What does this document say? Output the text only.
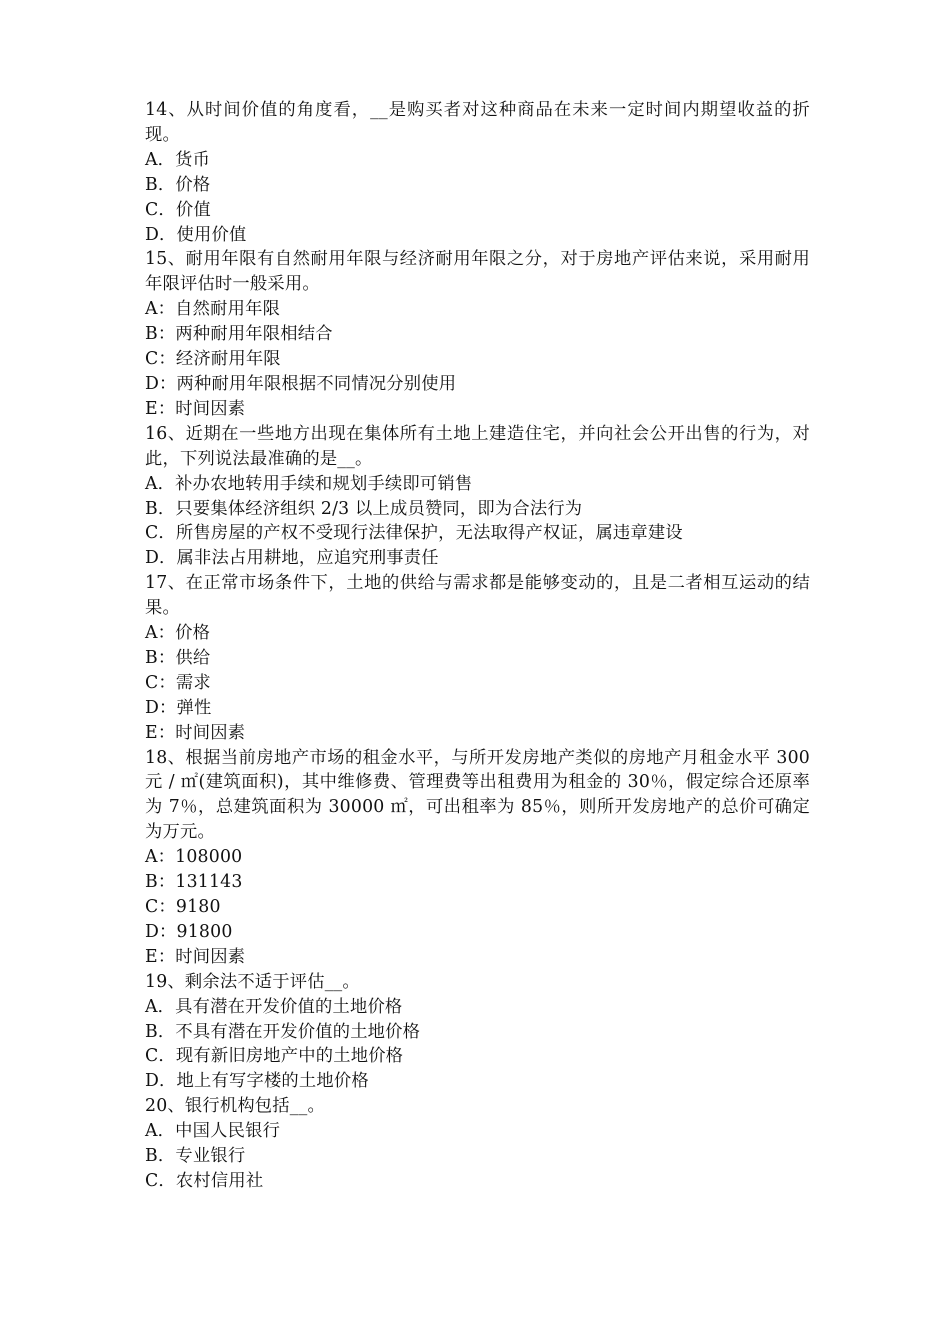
14、从时间价值的角度看，__是购买者对这种商品在未来一定时间内期望收益的折现。
A．货币
B．价格
C．价值
D．使用价值
15、耐用年限有自然耐用年限与经济耐用年限之分，对于房地产评估来说，采用耐用年限评估时一般采用。
A：自然耐用年限
B：两种耐用年限相结合
C：经济耐用年限
D：两种耐用年限根据不同情况分别使用
E：时间因素
16、近期在一些地方出现在集体所有土地上建造住宅，并向社会公开出售的行为，对此，下列说法最准确的是__。
A．补办农地转用手续和规划手续即可销售
B．只要集体经济组织 2/3 以上成员赞同，即为合法行为
C．所售房屋的产权不受现行法律保护，无法取得产权证，属违章建设
D．属非法占用耕地，应追究刑事责任
17、在正常市场条件下，土地的供给与需求都是能够变动的，且是二者相互运动的结果。
A：价格
B：供给
C：需求
D：弹性
E：时间因素
18、根据当前房地产市场的租金水平，与所开发房地产类似的房地产月租金水平 300 元 / ㎡(建筑面积)，其中维修费、管理费等出租费用为租金的 30％，假定综合还原率为 7％，总建筑面积为 30000 ㎡，可出租率为 85％，则所开发房地产的总价可确定为万元。
A：108000
B：131143
C：9180
D：91800
E：时间因素
19、剩余法不适于评估__。
A．具有潜在开发价值的土地价格
B．不具有潜在开发价值的土地价格
C．现有新旧房地产中的土地价格
D．地上有写字楼的土地价格
20、银行机构包括__。
A．中国人民银行
B．专业银行
C．农村信用社
